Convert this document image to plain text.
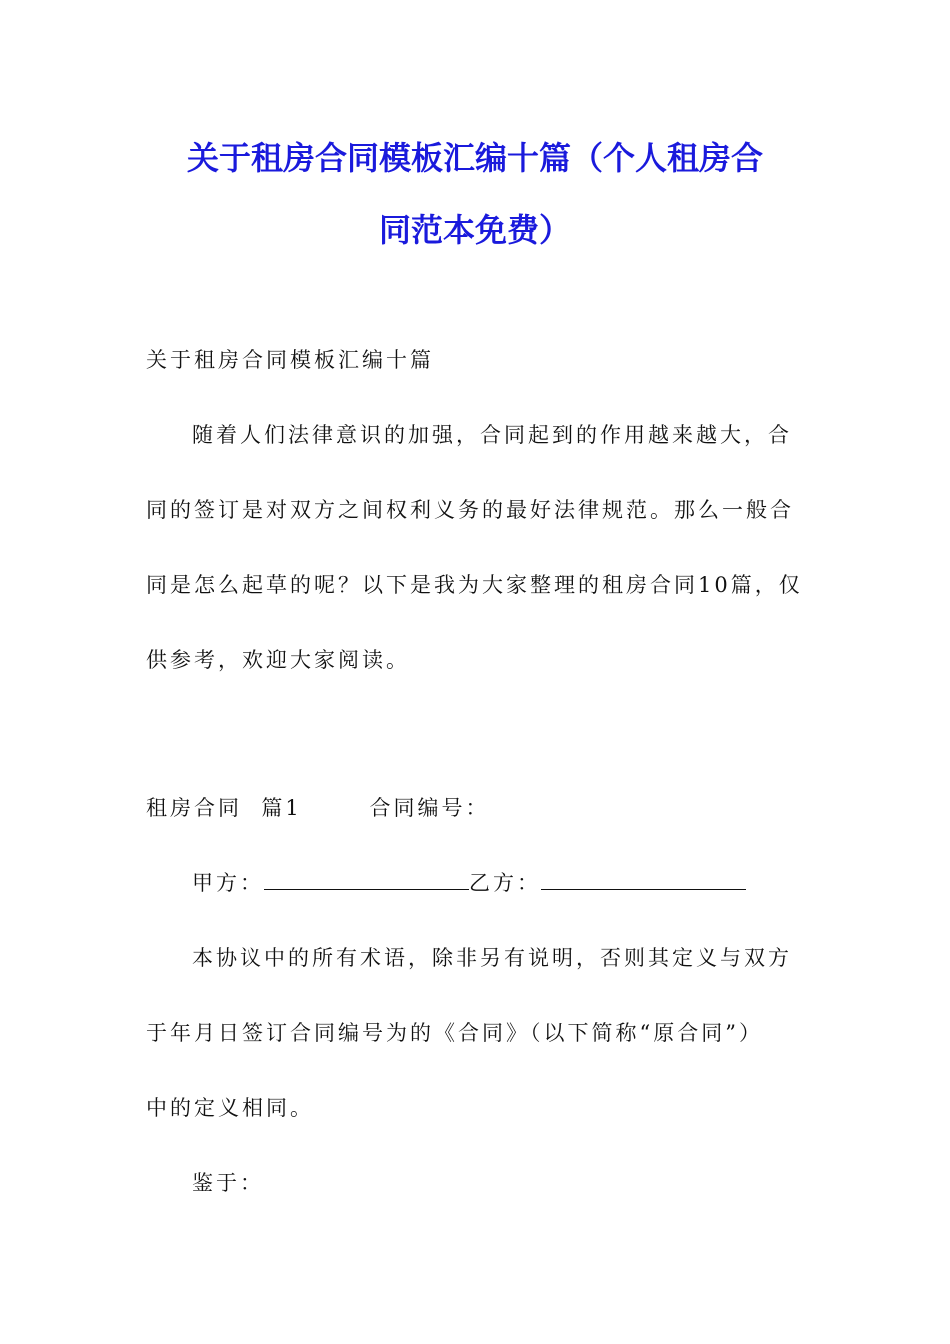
关于租房合同模板汇编十篇（个人租房合
同范本免费）
关于租房合同模板汇编十篇
随着人们法律意识的加强，合同起到的作用越来越大，合
同的签订是对双方之间权利义务的最好法律规范。那么一般合
同是怎么起草的呢？以下是我为大家整理的租房合同10篇，仅
供参考，欢迎大家阅读。
租房合同  篇1       合同编号：
甲方：	乙方：
本协议中的所有术语，除非另有说明，否则其定义与双方
于年月日签订合同编号为的《合同》（以下简称“原合同”）
中的定义相同。
鉴于：
